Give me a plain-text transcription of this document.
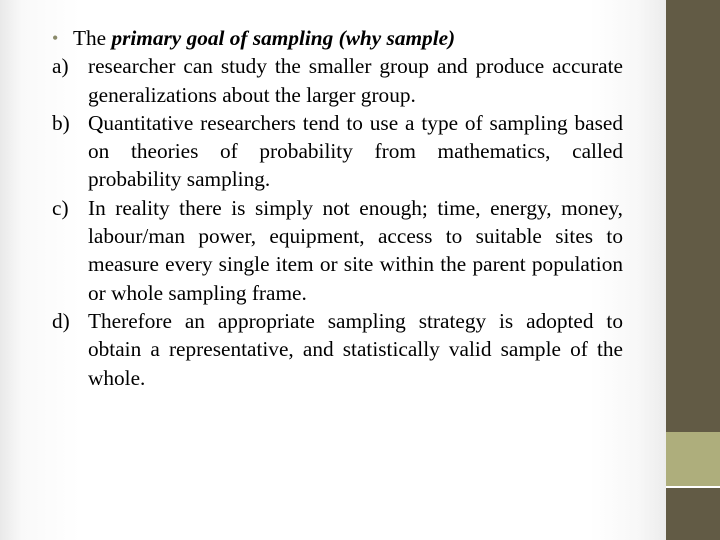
• The primary goal of sampling (why sample)
a) researcher can study the smaller group and produce accurate generalizations about the larger group.
b) Quantitative researchers tend to use a type of sampling based on theories of probability from mathematics, called probability sampling.
c) In reality there is simply not enough; time, energy, money, labour/man power, equipment, access to suitable sites to measure every single item or site within the parent population or whole sampling frame.
d) Therefore an appropriate sampling strategy is adopted to obtain a representative, and statistically valid sample of the whole.
